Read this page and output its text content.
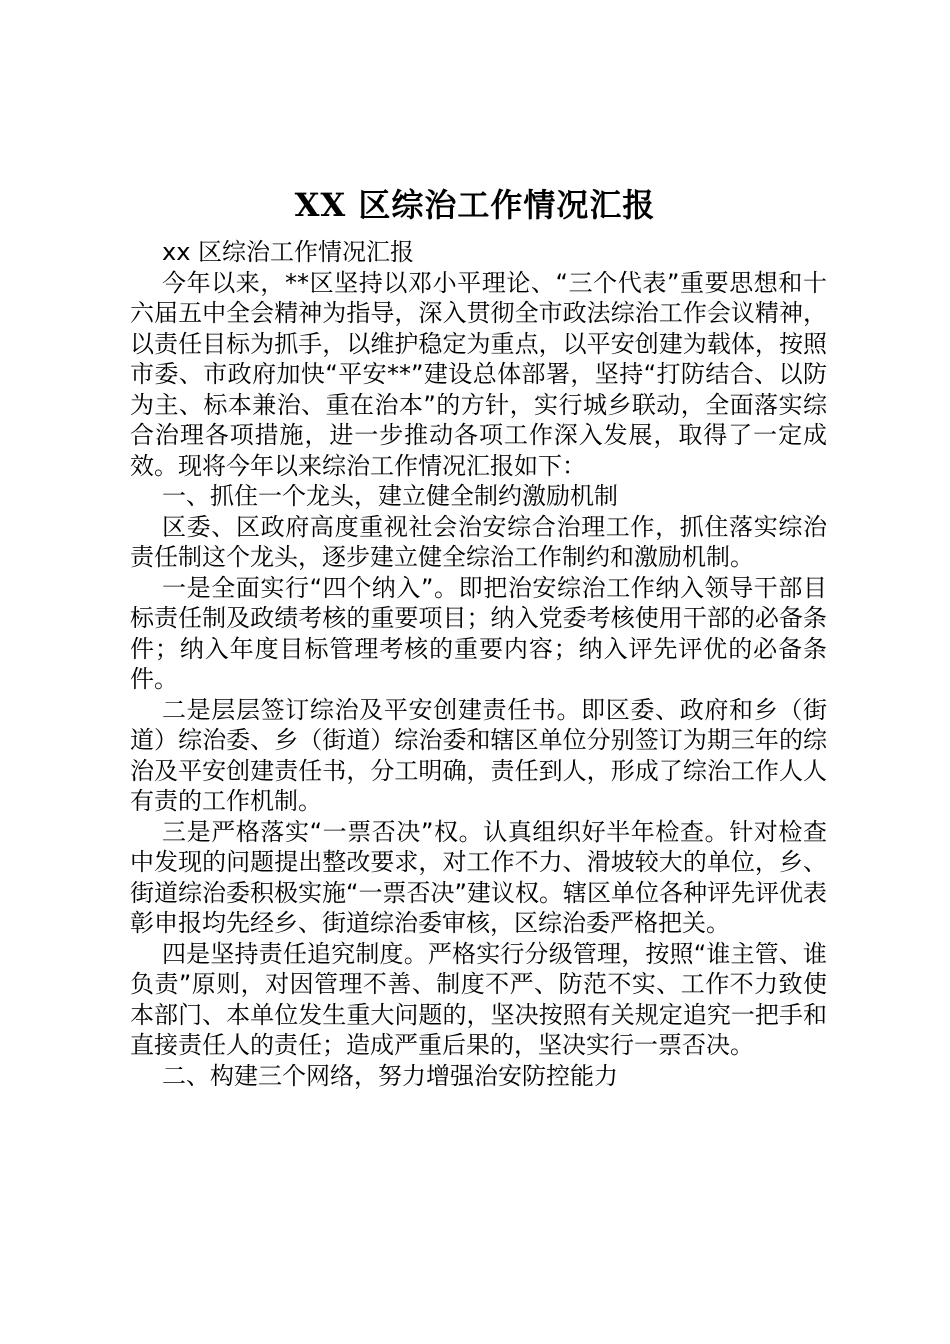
XX 区综治工作情况汇报

xx 区综治工作情况汇报

今年以来，**区坚持以邓小平理论、“三个代表”重要思想和十六届五中全会精神为指导，深入贯彻全市政法综治工作会议精神，以责任目标为抓手，以维护稳定为重点，以平安创建为载体，按照市委、市政府加快“平安**”建设总体部署，坚持“打防结合、以防为主、标本兼治、重在治本”的方针，实行城乡联动，全面落实综合治理各项措施，进一步推动各项工作深入发展，取得了一定成效。现将今年以来综治工作情况汇报如下：

一、抓住一个龙头，建立健全制约激励机制

区委、区政府高度重视社会治安综合治理工作，抓住落实综治责任制这个龙头，逐步建立健全综治工作制约和激励机制。

一是全面实行“四个纳入”。即把治安综治工作纳入领导干部目标责任制及政绩考核的重要项目；纳入党委考核使用干部的必备条件；纳入年度目标管理考核的重要内容；纳入评先评优的必备条件。

二是层层签订综治及平安创建责任书。即区委、政府和乡（街道）综治委、乡（街道）综治委和辖区单位分别签订为期三年的综治及平安创建责任书，分工明确，责任到人，形成了综治工作人人有责的工作机制。

三是严格落实“一票否决”权。认真组织好半年检查。针对检查中发现的问题提出整改要求，对工作不力、滑坡较大的单位，乡、街道综治委积极实施“一票否决”建议权。辖区单位各种评先评优表彰申报均先经乡、街道综治委审核，区综治委严格把关。

四是坚持责任追究制度。严格实行分级管理，按照“谁主管、谁负责”原则，对因管理不善、制度不严、防范不实、工作不力致使本部门、本单位发生重大问题的，坚决按照有关规定追究一把手和直接责任人的责任；造成严重后果的，坚决实行一票否决。

二、构建三个网络，努力增强治安防控能力
